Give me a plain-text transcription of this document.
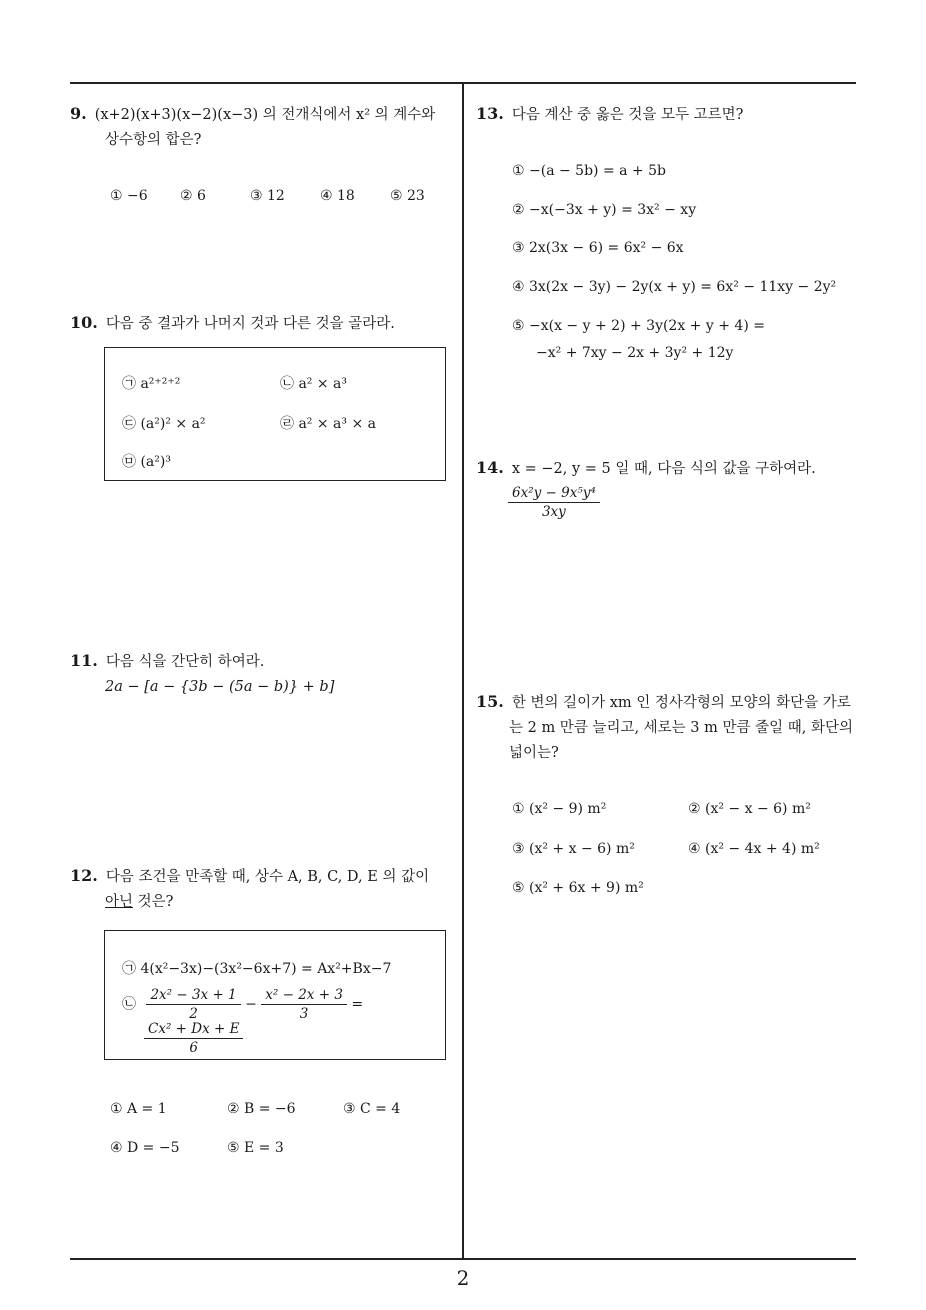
9. (x+2)(x+3)(x−2)(x−3) 의 전개식에서 x² 의 계수와
상수항의 합은?
① −6 ② 6	③ 12	④ 18	⑤ 23
10. 다음 중 결과가 나머지 것과 다른 것을 골라라.
㉠ a²⁺²⁺²	㉡ a² × a³
㉢ (a²)² × a²	㉣ a² × a³ × a
㉤ (a²)³
11. 다음 식을 간단히 하여라.
2a − [a − {3b − (5a − b)} + b]
12. 다음 조건을 만족할 때, 상수 A, B, C, D, E 의 값이
아닌 것은?
㉠ 4(x²−3x)−(3x²−6x+7) = Ax²+Bx−7
㉡ $\frac{\text{2x² − 3x + 1}}{2} - \frac{\text{x² − 2x + 3}}{3}$ =
$\frac{\text{Cx² + Dx + E}}{6}$
① A = 1	② B = −6	③ C = 4
④ D = −5	⑤ E = 3
13. 다음 계산 중 옳은 것을 모두 고르면?
① −(a − 5b) = a + 5b
② −x(−3x + y) = 3x² − xy
③ 2x(3x − 6) = 6x² − 6x
④ 3x(2x − 3y) − 2y(x + y) = 6x² − 11xy − 2y²
⑤ −x(x − y + 2) + 3y(2x + y + 4) =
−x² + 7xy − 2x + 3y² + 12y
14. x = −2, y = 5 일 때, 다음 식의 값을 구하여라.
$\frac{\text{6x²y − 9x⁵y⁴}}{3xy}$
15. 한 변의 길이가 xm 인 정사각형의 모양의 화단을 가로
는 2 m 만큼 늘리고, 세로는 3 m 만큼 줄일 때, 화단의
넓이는?
① (x² − 9) m²	② (x² − x − 6) m²
③ (x² + x − 6) m²	④ (x² − 4x + 4) m²
⑤ (x² + 6x + 9) m²
2
